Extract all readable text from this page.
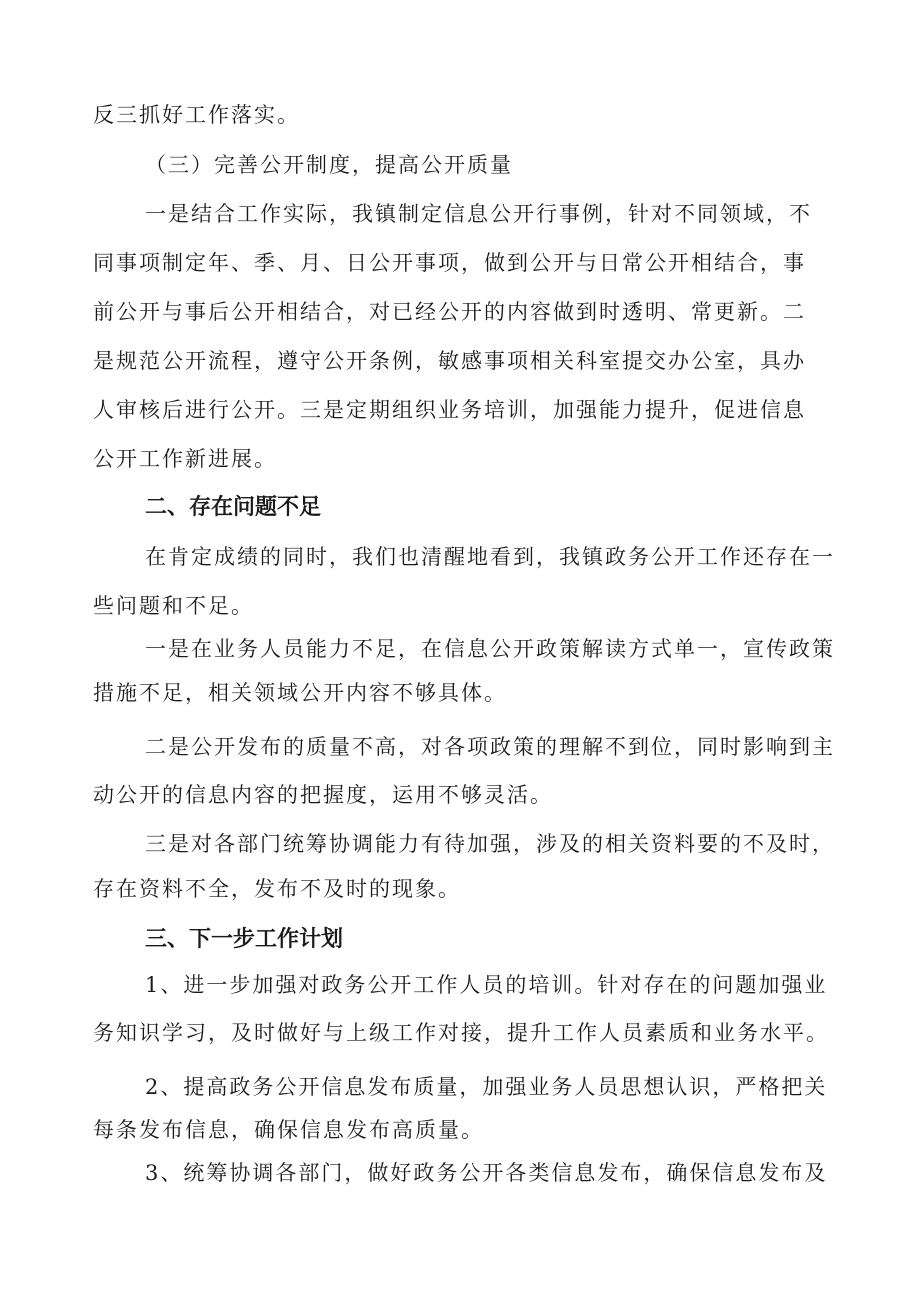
反三抓好工作落实。
（三）完善公开制度，提高公开质量
一是结合工作实际，我镇制定信息公开行事例，针对不同领域，不
同事项制定年、季、月、日公开事项，做到公开与日常公开相结合，事
前公开与事后公开相结合，对已经公开的内容做到时透明、常更新。二
是规范公开流程，遵守公开条例，敏感事项相关科室提交办公室，具办
人审核后进行公开。三是定期组织业务培训，加强能力提升，促进信息
公开工作新进展。
二、存在问题不足
在肯定成绩的同时，我们也清醒地看到，我镇政务公开工作还存在一
些问题和不足。
一是在业务人员能力不足，在信息公开政策解读方式单一，宣传政策
措施不足，相关领域公开内容不够具体。
二是公开发布的质量不高，对各项政策的理解不到位，同时影响到主
动公开的信息内容的把握度，运用不够灵活。
三是对各部门统筹协调能力有待加强，涉及的相关资料要的不及时，
存在资料不全，发布不及时的现象。
三、下一步工作计划
1、进一步加强对政务公开工作人员的培训。针对存在的问题加强业
务知识学习，及时做好与上级工作对接，提升工作人员素质和业务水平。
2、提高政务公开信息发布质量，加强业务人员思想认识，严格把关
每条发布信息，确保信息发布高质量。
3、统筹协调各部门，做好政务公开各类信息发布，确保信息发布及
